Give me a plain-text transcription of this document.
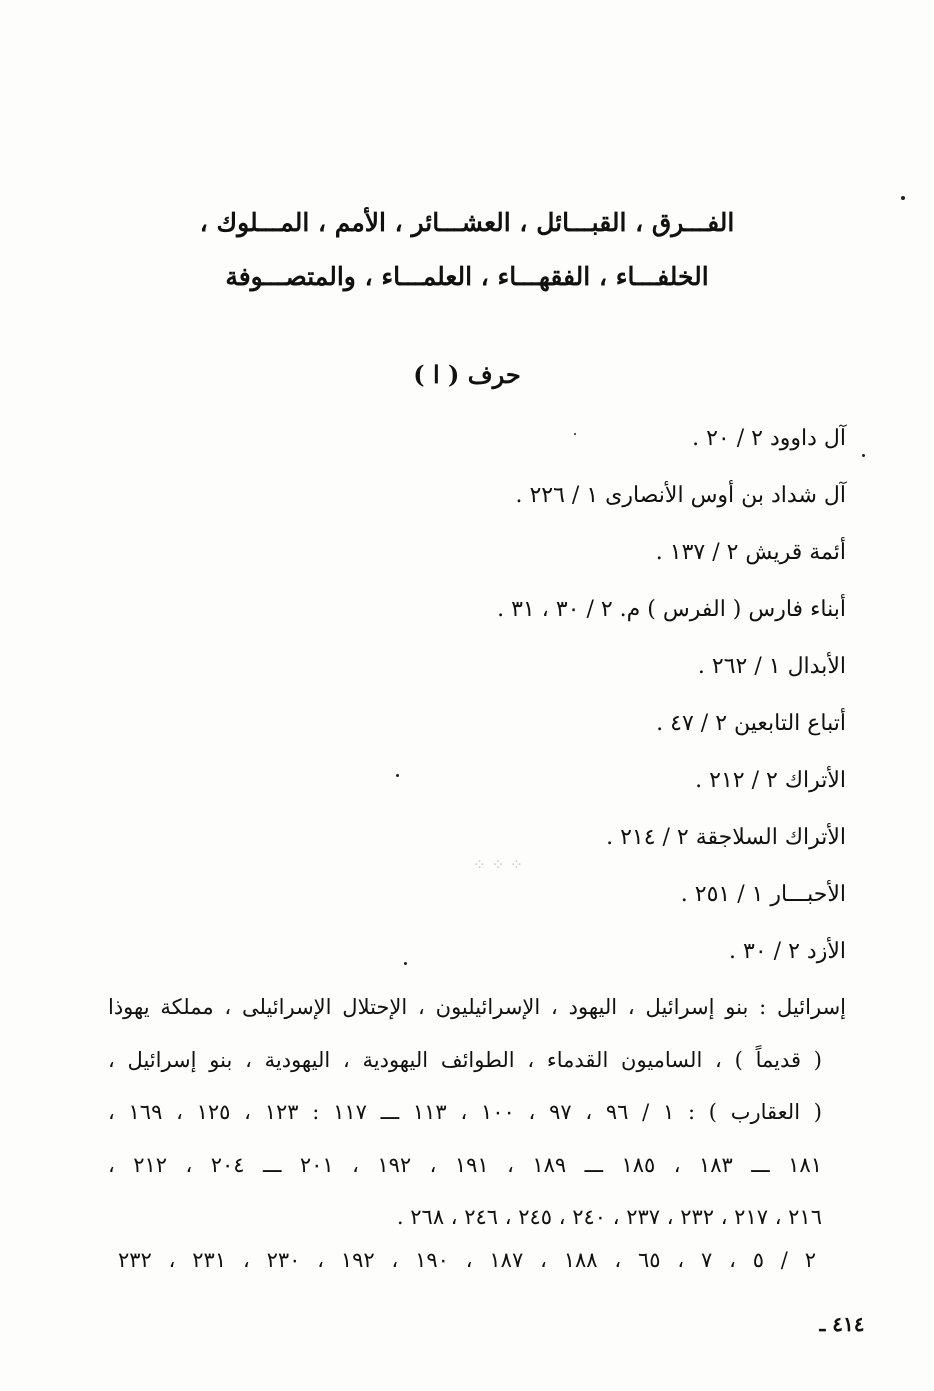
الفـــرق ، القبـــائل ، العشـــائر ، الأمم ، المـــلوك ،
الخلفـــاء ، الفقهـــاء ، العلمـــاء ، والمتصـــوفة
حرف ( ا )
آل داوود ٢ / ٢٠ .
آل شداد بن أوس الأنصارى ١ / ٢٢٦ .
أئمة قريش ٢ / ١٣٧ .
أبناء فارس ( الفرس ) م. ٢ / ٣٠ ، ٣١ .
الأبدال ١ / ٢٦٢ .
أتباع التابعين ٢ / ٤٧ .
الأتراك ٢ / ٢١٢ .
الأتراك السلاجقة ٢ / ٢١٤ .
الأحبـــار ١ / ٢٥١ .
الأزد ٢ / ٣٠ .
إسرائيل : بنو إسرائيل ، اليهود ، الإسرائيليون ، الإحتلال الإسرائيلى ، مملكة يهوذا
( قديماً ) ، الساميون القدماء ، الطوائف اليهودية ، اليهودية ، بنو إسرائيل ،
( العقارب ) : ١ / ٩٦ ، ٩٧ ، ١٠٠ ، ١١٣ ـــ ١١٧ : ١٢٣ ، ١٢٥ ، ١٦٩ ،
١٨١ ـــ ١٨٣ ، ١٨٥ ـــ ١٨٩ ، ١٩١ ، ١٩٢ ، ٢٠١ ـــ ٢٠٤ ، ٢١٢ ،
٢١٦ ، ٢١٧ ، ٢٣٢ ، ٢٣٧ ، ٢٤٠ ، ٢٤٥ ، ٢٤٦ ، ٢٦٨ .
٢ / ٥ ، ٧ ، ٦٥ ، ١٨٨ ، ١٨٧ ، ١٩٠ ، ١٩٢ ، ٢٣٠ ، ٢٣١ ، ٢٣٢
٤١٤ ـ
⁘ ⁘ ⁘
